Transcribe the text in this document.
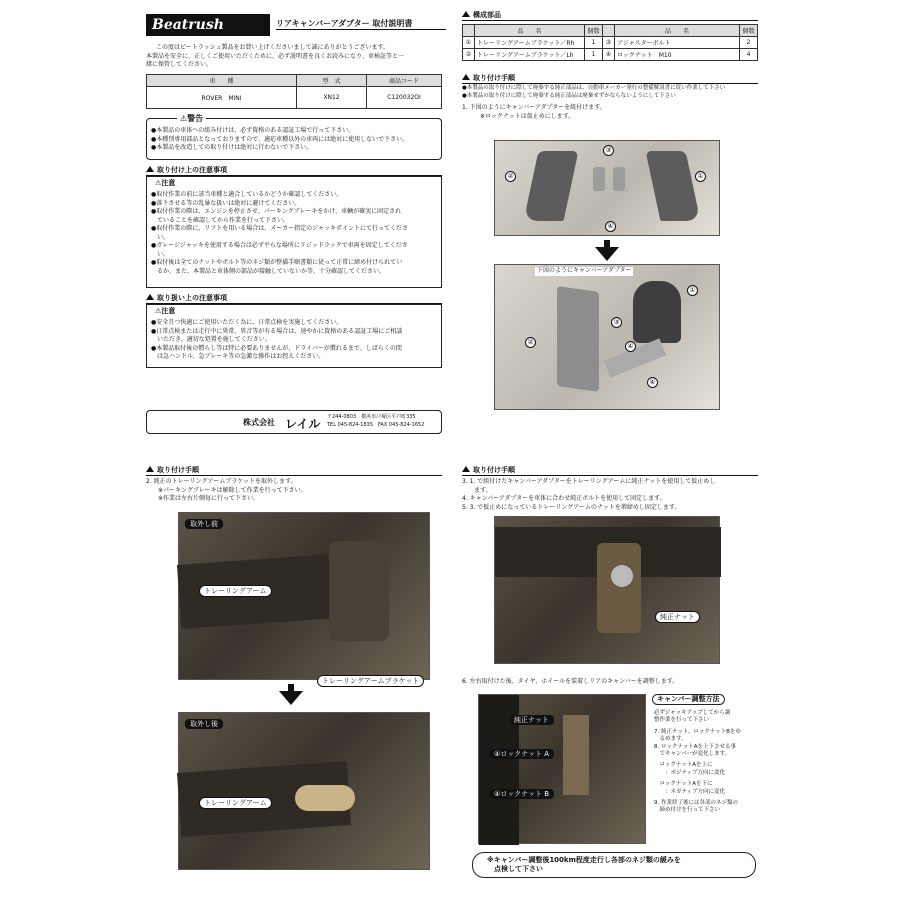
Beatrush	リアキャンバーアダプター 取付説明書
この度はビートラッシュ製品をお買い上げくださいまして誠にありがとうございます。
本製品を安全に、正しくご使用いただくために、必ず説明書を良くお読みになり、車検証等と一
緒に保管してください。
車　　種	型　式	商品コード
ROVER　MINI	XN12	C120032OI
⚠警告
●本製品の車体への組み付けは、必ず資格のある認証工場で行って下さい。
●本種別専用部品となっておりますので、適応車種以外の車両には絶対に使用しないで下さい。
●本製品を改造しての取り付けは絶対に行わないで下さい。
取り付け上の注意事項
⚠注意
●取付作業の前に該当車種と適合しているかどうか確認してください。
●落下させる等の乱暴な扱いは絶対に避けてください。
●取付作業の際は、エンジンを停止させ、パーキングブレーキをかけ、車輌が確実に固定され
　ていることを確認してから作業を行って下さい。
●取付作業の際に、リフトを用いる場合は、メーカー指定のジャッキポイントにて行ってくださ
　い。
●ガレージジャッキを使用する場合は必ず平らな場所にリジッドラックで車両を固定してくださ
　い。
●取付後は全てのナットやボルト等のネジ類が整備手順書類に従って正常に締め付けられてい
　るか、また、本製品と車体側の部品が接触していないか等、十分確認してください。
取り扱い上の注意事項
⚠注意
●安全且つ快適にご使用いただく為に、日常点検を実施してください。
●日常点検または走行中に異常、異音等が有る場合は、速やかに資格のある認証工場にご相談
　いただき、適切な処置を施してください。
●本製品取付後の慣らし等は特に必要ありませんが、ドライバーが慣れるまで、しばらくの間
　は急ハンドル、急ブレーキ等の急激な操作はお控えください。
株式会社 レイル 〒244-0803　横浜市戸塚区平戸町335
TEL 045-824-1835　FAX 045-824-1652
構成部品
	品　　名	個数		品　　名	個数
①	トレーリングアームブラケット／Rh	1	③	アジャスターボルト	2
②	トレーリングアームブラケット／Lh	1	④	ロックナット　M10	4
取り付け手順
●本製品の取り付けに際して廃棄する純正部品は、自動車メーカー発行の整備解説書に従い作業して下さい
●本製品の取り付けに際して廃棄する純正部品は廃棄せずかならないようにして下さい
1. 下図のようにキャンバーアダプターを組付けます。
　　　※ロックナットは仮止めにします。
②
③
④
①
下図のようにキャンバーアダプター
②
③
④
④
①
取り付け手順
2. 純正のトレーリングアームブラケットを取外します。
　　※パーキングブレーキは解除して作業を行って下さい。
　　※作業は左右片側毎に行って下さい。
取外し前
トレーリングアーム
トレーリングアームブラケット
取外し後
トレーリングアーム
取り付け手順
3. 1. で組付けたキャンバーアダプターをトレーリングアームに純正ナットを使用して仮止めし
　　ます。
4. キャンバーアダプターを車体に合わせ純正ボルトを使用して固定します。
5. 3. で仮止めになっているトレーリングアームのナットを増締めし固定します。
純正ナット
6. 左右取付けた後、タイヤ、ホイールを装着しリアのキャンバーを調整します。
純正ナット
④ロックナット A
④ロックナット B
キャンバー調整方法
必ずジャッキアップしてから調
整作業を行って下さい
7. 純正ナット、ロックナットBをゆ
　るめます。
8. ロックナットAを上下させる事
　でキャンバーが変化します。
　ロックナットAを上に
　　：ポジティブ方向に変化
　ロックナットAを下に
　　：ネガティブ方向に変化
9. 作業終了後には各部のネジ類の
　締め付けを行って下さい
※キャンバー調整後100km程度走行し各部のネジ類の緩みを
　点検して下さい
